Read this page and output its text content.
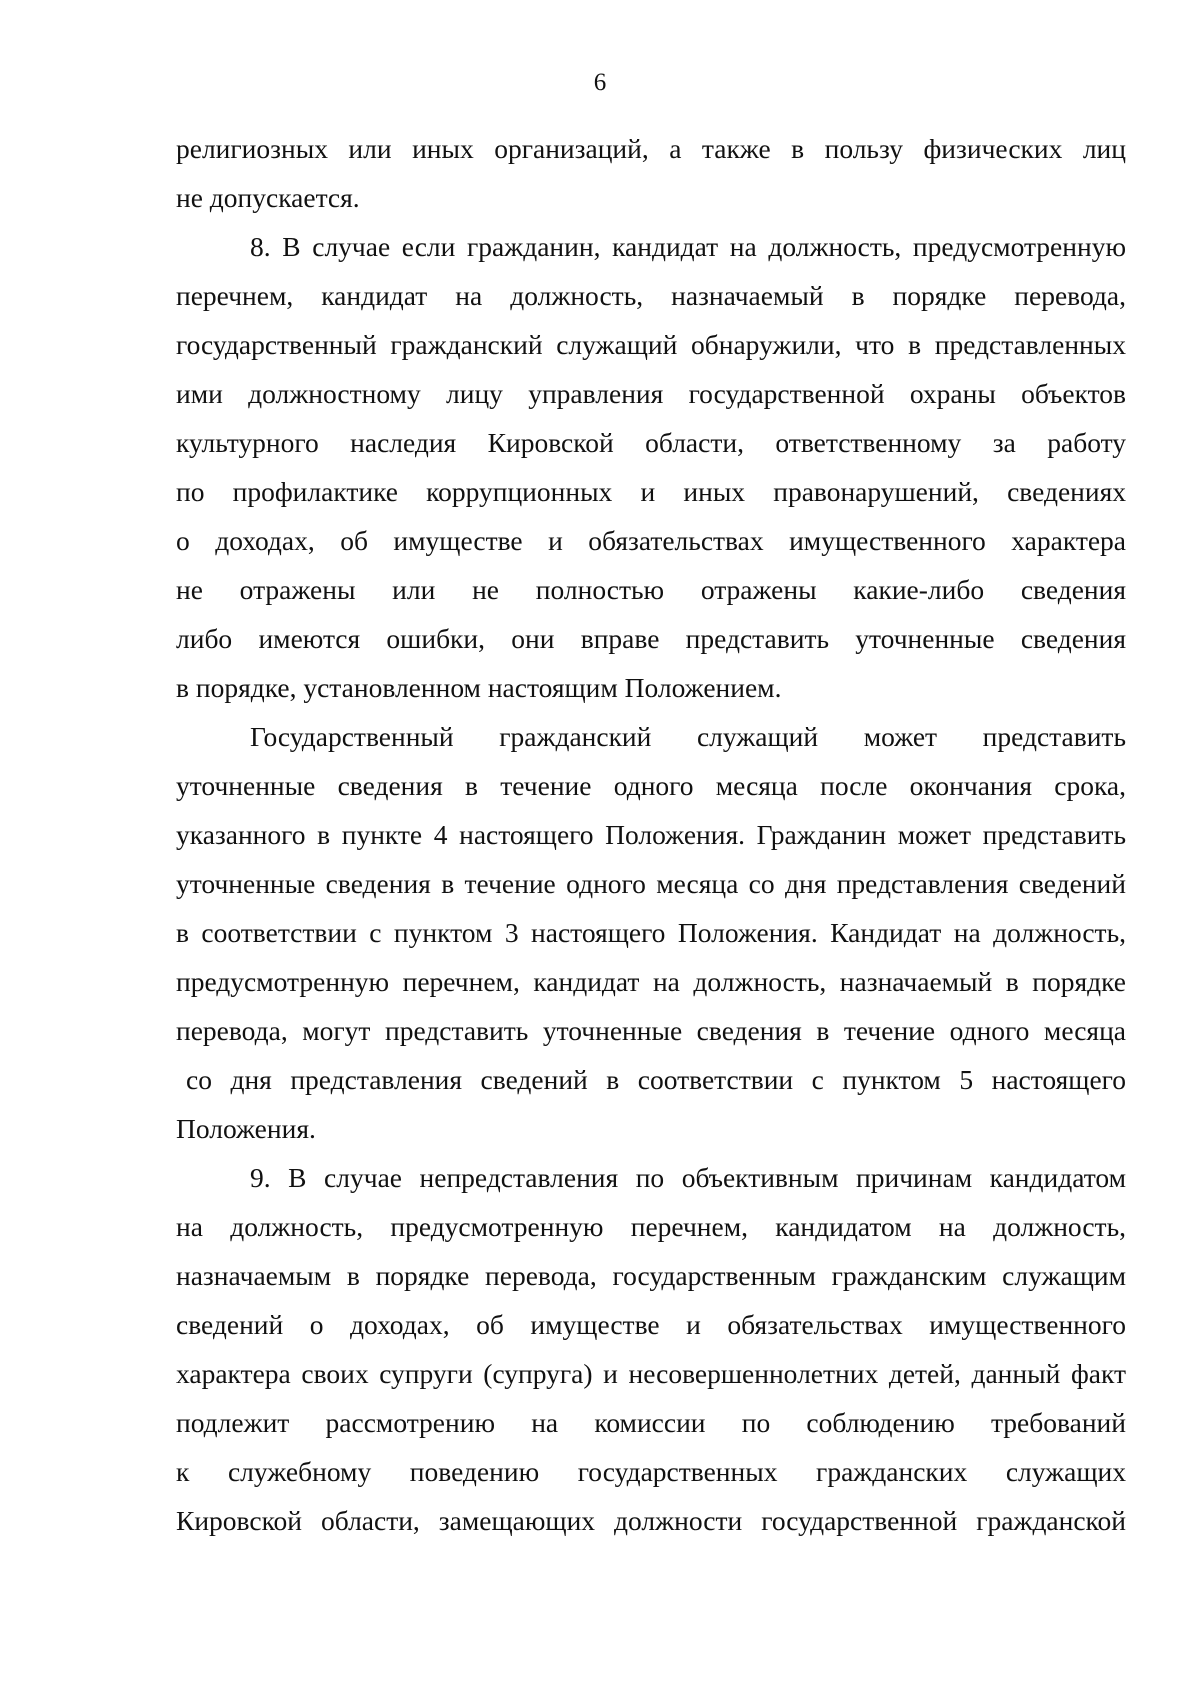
6
религиозных или иных организаций, а также в пользу физических лиц
не допускается.
8. В случае если гражданин, кандидат на должность, предусмотренную
перечнем, кандидат на должность, назначаемый в порядке перевода,
государственный гражданский служащий обнаружили, что в представленных
ими должностному лицу управления государственной охраны объектов
культурного наследия Кировской области, ответственному за работу
по профилактике коррупционных и иных правонарушений, сведениях
о доходах, об имуществе и обязательствах имущественного характера
не отражены или не полностью отражены какие-либо сведения
либо имеются ошибки, они вправе представить уточненные сведения
в порядке, установленном настоящим Положением.
Государственный гражданский служащий может представить
уточненные сведения в течение одного месяца после окончания срока,
указанного в пункте 4 настоящего Положения. Гражданин может представить
уточненные сведения в течение одного месяца со дня представления сведений
в соответствии с пунктом 3 настоящего Положения. Кандидат на должность,
предусмотренную перечнем, кандидат на должность, назначаемый в порядке
перевода, могут представить уточненные сведения в течение одного месяца
со дня представления сведений в соответствии с пунктом 5 настоящего
Положения.
9. В случае непредставления по объективным причинам кандидатом
на должность, предусмотренную перечнем, кандидатом на должность,
назначаемым в порядке перевода, государственным гражданским служащим
сведений о доходах, об имуществе и обязательствах имущественного
характера своих супруги (супруга) и несовершеннолетних детей, данный факт
подлежит рассмотрению на комиссии по соблюдению требований
к служебному поведению государственных гражданских служащих
Кировской области, замещающих должности государственной гражданской
